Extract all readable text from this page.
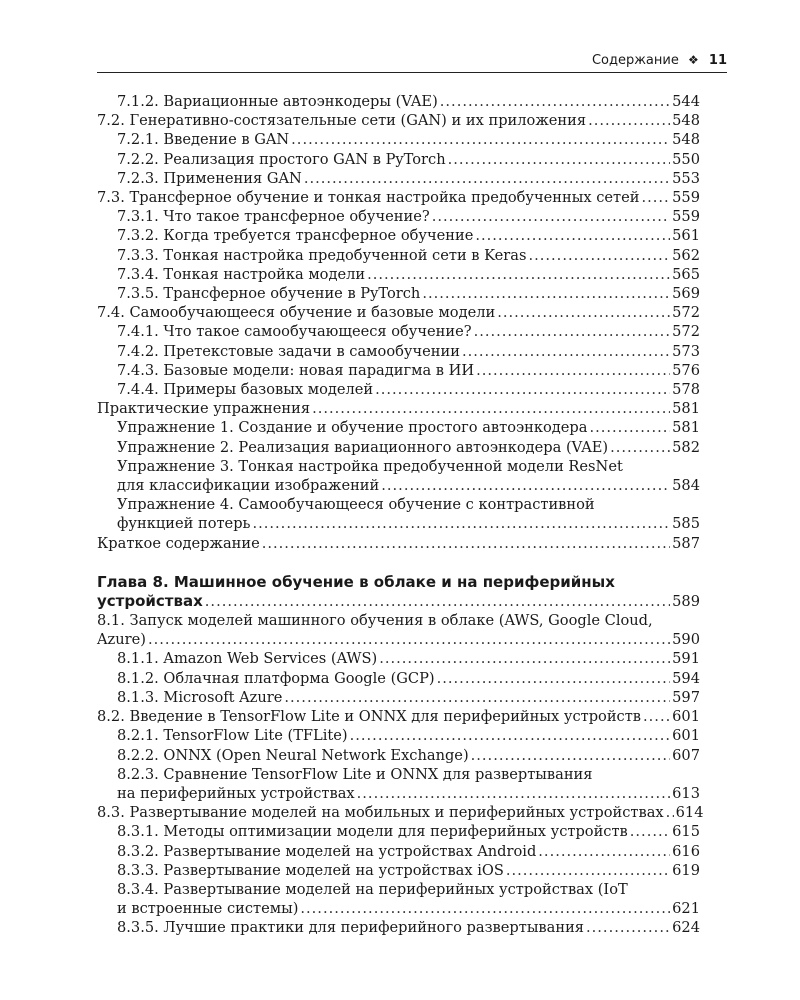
Содержание ❖ 11
7.1.2. Вариационные автоэнкодеры (VAE) .....	544
7.2. Генеративно-состязательные сети (GAN) и их приложения .....	548
7.2.1. Введение в GAN .....	548
7.2.2. Реализация простого GAN в PyTorch .....	550
7.2.3. Применения GAN .....	553
7.3. Трансферное обучение и тонкая настройка предобученных сетей ..... 559
7.3.1. Что такое трансферное обучение? .....	559
7.3.2. Когда требуется трансферное обучение .....	561
7.3.3. Тонкая настройка предобученной сети в Keras .....	562
7.3.4. Тонкая настройка модели .....	565
7.3.5. Трансферное обучение в PyTorch .....	569
7.4. Самообучающееся обучение и базовые модели .....	572
7.4.1. Что такое самообучающееся обучение? .....	572
7.4.2. Претекстовые задачи в самообучении .....	573
7.4.3. Базовые модели: новая парадигма в ИИ .....	576
7.4.4. Примеры базовых моделей .....	578
Практические упражнения .....	581
Упражнение 1. Создание и обучение простого автоэнкодера .....	581
Упражнение 2. Реализация вариационного автоэнкодера (VAE) .....	582
Упражнение 3. Тонкая настройка предобученной модели ResNet
для классификации изображений .....	584
Упражнение 4. Самообучающееся обучение с контрастивной
функцией потерь .....	585
Краткое содержание .....	587
Глава 8. Машинное обучение в облаке и на периферийных
устройствах .....	589
8.1. Запуск моделей машинного обучения в облаке (AWS, Google Cloud,
Azure) .....	590
8.1.1. Amazon Web Services (AWS) .....	591
8.1.2. Облачная платформа Google (GCP) .....	594
8.1.3. Microsoft Azure .....	597
8.2. Введение в TensorFlow Lite и ONNX для периферийных устройств ..... 601
8.2.1. TensorFlow Lite (TFLite) .....	601
8.2.2. ONNX (Open Neural Network Exchange) .....	607
8.2.3. Сравнение TensorFlow Lite и ONNX для развертывания
на периферийных устройствах .....	613
8.3. Развертывание моделей на мобильных и периферийных устройствах ..... 614
8.3.1. Методы оптимизации модели для периферийных устройств .....	615
8.3.2. Развертывание моделей на устройствах Android .....	616
8.3.3. Развертывание моделей на устройствах iOS .....	619
8.3.4. Развертывание моделей на периферийных устройствах (IoT
и встроенные системы) .....	621
8.3.5. Лучшие практики для периферийного развертывания .....	624
